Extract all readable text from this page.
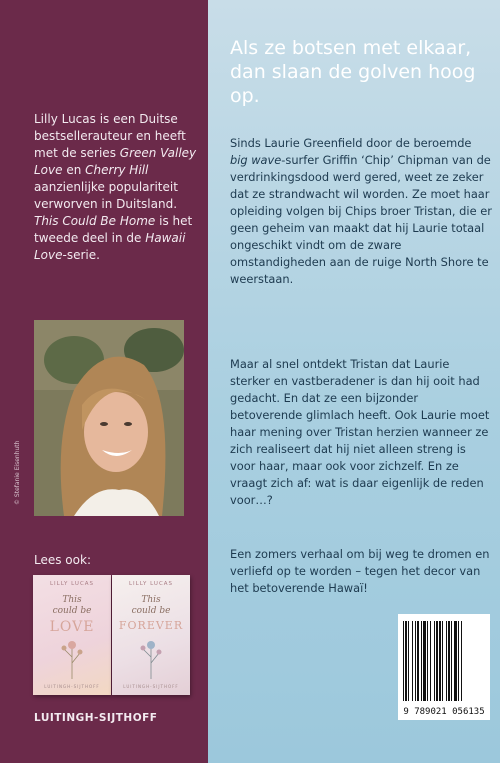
Lilly Lucas is een Duitse bestsellerauteur en heeft met de series Green Valley Love en Cherry Hill aanzienlijke populariteit verworven in Duitsland. This Could Be Home is het tweede deel in de Hawaii Love-serie.

© Stefanie Eisenhuth
Lees ook:
LILLY LUCAS
This
could be
LOVE
LUITINGH-SIJTHOFF
LILLY LUCAS
This
could be
FOREVER
LUITINGH-SIJTHOFF
LUITINGH-SIJTHOFF
Als ze botsen met elkaar, dan slaan de golven hoog op.

Sinds Laurie Greenfield door de beroemde big wave-surfer Griffin ‘Chip’ Chipman van de verdrinkingsdood werd gered, weet ze zeker dat ze strandwacht wil worden. Ze moet haar opleiding volgen bij Chips broer Tristan, die er geen geheim van maakt dat hij Laurie totaal ongeschikt vindt om de zware omstandigheden aan de ruige North Shore te weerstaan.

Maar al snel ontdekt Tristan dat Laurie sterker en vastberadener is dan hij ooit had gedacht. En dat ze een bijzonder betoverende glimlach heeft. Ook Laurie moet haar mening over Tristan herzien wanneer ze zich realiseert dat hij niet alleen streng is voor haar, maar ook voor zichzelf. En ze vraagt zich af: wat is daar eigenlijk de reden voor…?

Een zomers verhaal om bij weg te dromen en verliefd op te worden – tegen het decor van het betoverende Hawaï!

9 789021 056135
